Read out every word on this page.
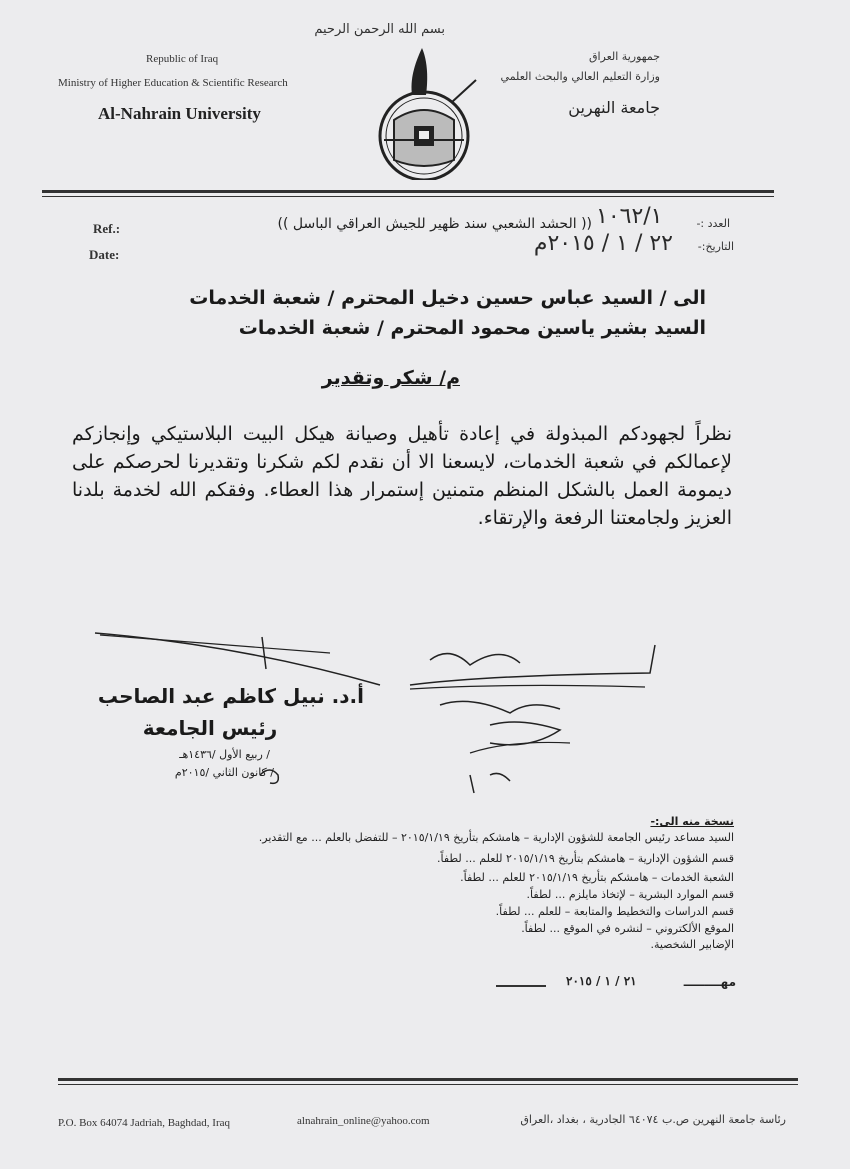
بسم الله الرحمن الرحيم
Republic of Iraq
Ministry of Higher Education & Scientific Research
Al-Nahrain University
جمهورية العراق
وزارة التعليم العالي والبحث العلمي
جامعة النهرين
Ref.:
Date:
العدد :-
التاريخ:-
١٠٦٢/١
(( الحشد الشعبي سند ظهير للجيش العراقي الباسل ))
٢٢ / ١ / ٢٠١٥م
الى / السيد عباس حسين دخيل المحترم / شعبة الخدمات
السيد بشير ياسين محمود المحترم / شعبة الخدمات
م/ شكر وتقدير
نظراً لجهودكم المبذولة في إعادة تأهيل وصيانة هيكل البيت البلاستيكي وإنجازكم لإعمالكم في شعبة الخدمات، لايسعنا الا أن نقدم لكم شكرنا وتقديرنا لحرصكم على ديمومة العمل بالشكل المنظم متمنين إستمرار هذا العطاء. وفقكم الله لخدمة بلدنا العزيز ولجامعتنا الرفعة والإرتقاء.
أ.د. نبيل كاظم عبد الصاحب
رئيس الجامعة
/ ربيع الأول /١٤٣٦هـ
/ كانون الثاني /٢٠١٥م
نسخة منه الى:-
السيد مساعد رئيس الجامعة للشؤون الإدارية – هامشكم بتأريخ ٢٠١٥/١/١٩ – للتفضل بالعلم ... مع التقدير.
قسم الشؤون الإدارية – هامشكم بتأريخ ٢٠١٥/١/١٩ للعلم ... لطفاً.
الشعبة الخدمات – هامشكم بتأريخ ٢٠١٥/١/١٩ للعلم ... لطفاً.
قسم الموارد البشرية – لإتخاذ مايلزم ... لطفاً.
قسم الدراسات والتخطيط والمتابعة – للعلم ... لطفاً.
الموقع الألكتروني – لنشره في الموقع ... لطفاً.
الإضابير الشخصية.
مهـــــــــ
٢١ / ١ / ٢٠١٥
P.O. Box 64074 Jadriah, Baghdad, Iraq	alnahrain_online@yahoo.com	رئاسة جامعة النهرين ص.ب ٦٤٠٧٤ الجادرية ، بغداد ،العراق
